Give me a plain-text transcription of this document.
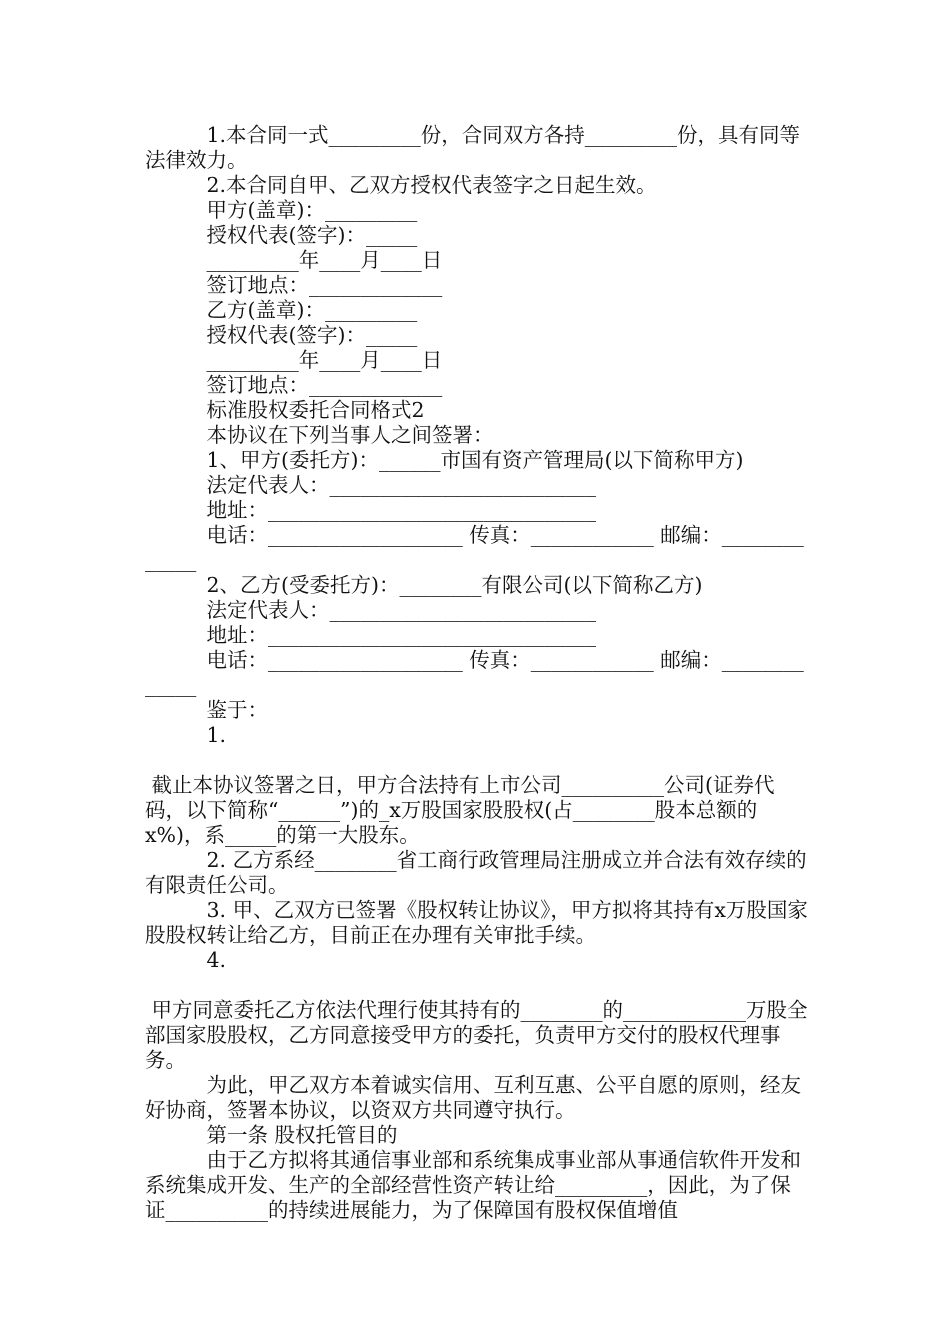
　　　1.本合同一式_________份，合同双方各持_________份，具有同等法律效力。

　　　2.本合同自甲、乙双方授权代表签字之日起生效。

　　　甲方(盖章)：_________

　　　授权代表(签字)：_____

　　　_________年____月____日

　　　签订地点：_____________

　　　乙方(盖章)：_________

　　　授权代表(签字)：_____

　　　_________年____月____日

　　　签订地点：_____________

　　　标准股权委托合同格式2

　　　本协议在下列当事人之间签署：

　　　1、甲方(委托方)：______市国有资产管理局(以下简称甲方)

　　　法定代表人：__________________________

　　　地址：________________________________

　　　电话：___________________ 传真：____________ 邮编：_____________

　　　2、乙方(受委托方)：________有限公司(以下简称乙方)

　　　法定代表人：__________________________

　　　地址：________________________________

　　　电话：___________________ 传真：____________ 邮编：_____________

　　　鉴于：

　　　1.

截止本协议签署之日，甲方合法持有上市公司__________公司(证券代码，以下简称“______”)的_x万股国家股股权(占________股本总额的x%)，系_____的第一大股东。

　　　2. 乙方系经________省工商行政管理局注册成立并合法有效存续的有限责任公司。

　　　3. 甲、乙双方已签署《股权转让协议》，甲方拟将其持有x万股国家股股权转让给乙方，目前正在办理有关审批手续。

　　　4.

甲方同意委托乙方依法代理行使其持有的________的____________万股全部国家股股权，乙方同意接受甲方的委托，负责甲方交付的股权代理事务。

　　　为此，甲乙双方本着诚实信用、互利互惠、公平自愿的原则，经友好协商，签署本协议，以资双方共同遵守执行。

　　　第一条 股权托管目的

　　　由于乙方拟将其通信事业部和系统集成事业部从事通信软件开发和系统集成开发、生产的全部经营性资产转让给_________，因此，为了保证__________的持续进展能力，为了保障国有股权保值增值
